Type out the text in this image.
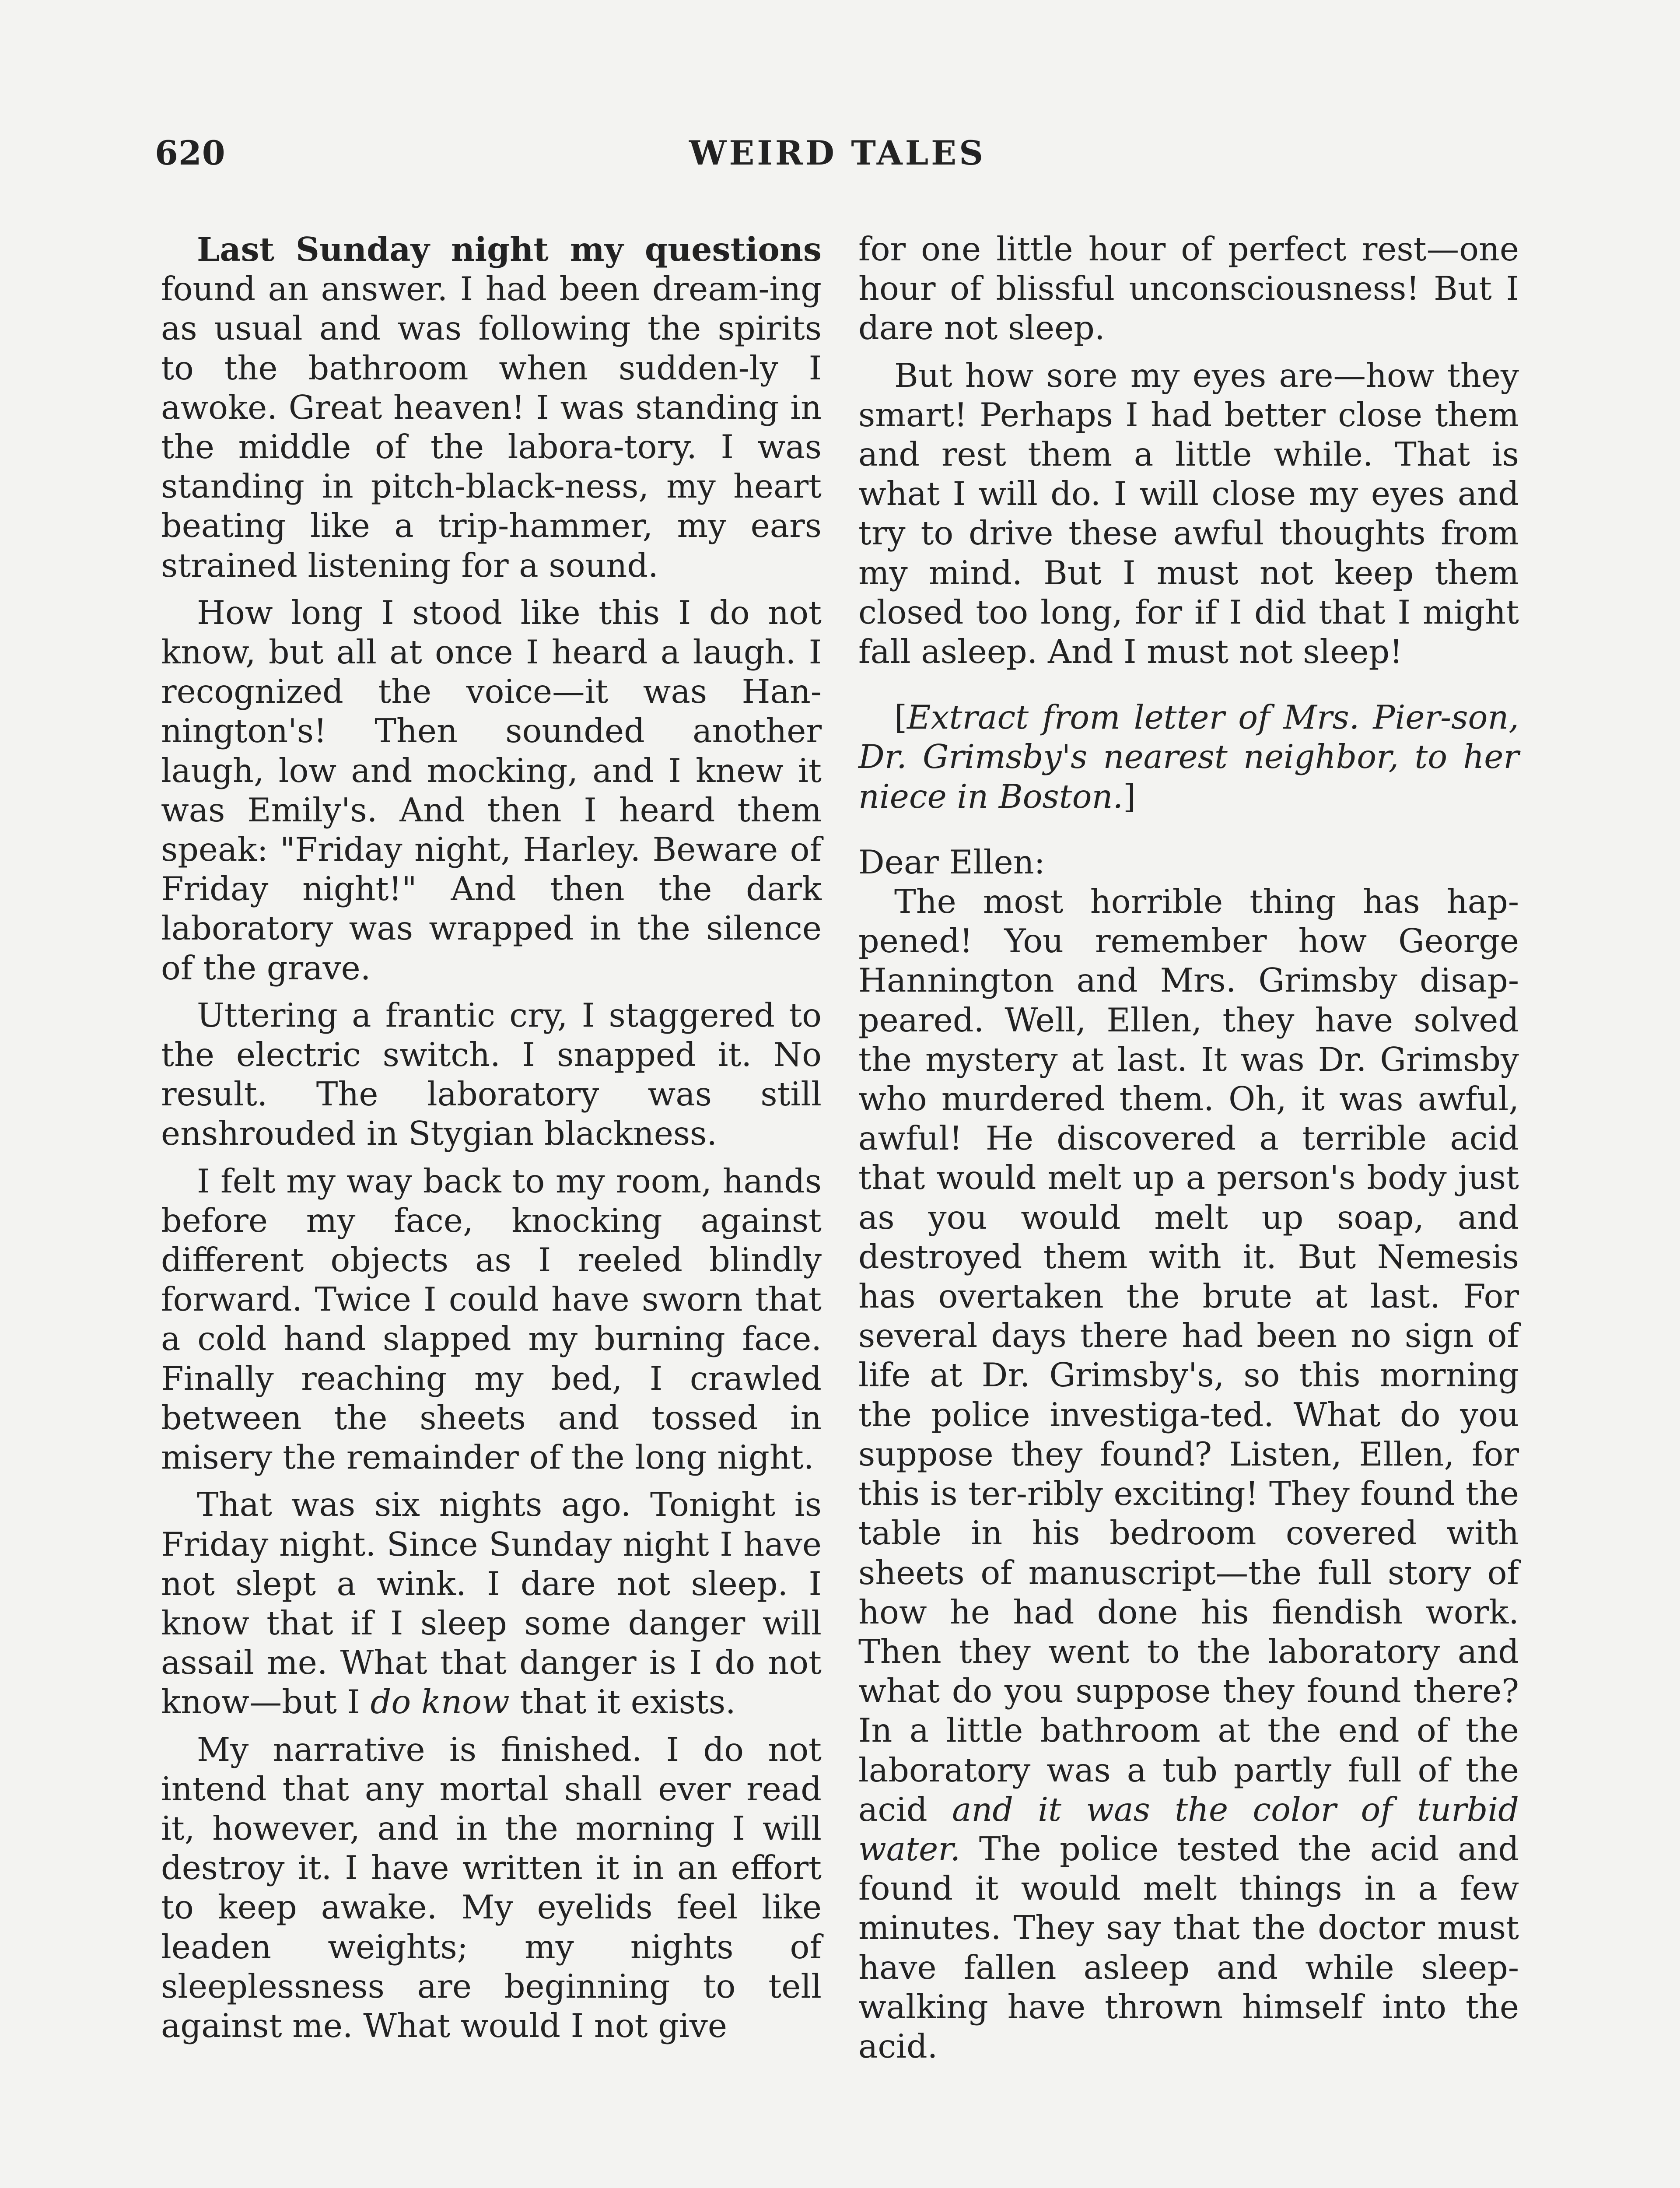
620	WEIRD TALES

Last Sunday night my questions found an answer. I had been dream-ing as usual and was following the spirits to the bathroom when sudden-ly I awoke. Great heaven! I was standing in the middle of the labora-tory. I was standing in pitch-black-ness, my heart beating like a trip-hammer, my ears strained listening for a sound.

How long I stood like this I do not know, but all at once I heard a laugh. I recognized the voice—it was Han-nington's! Then sounded another laugh, low and mocking, and I knew it was Emily's. And then I heard them speak: "Friday night, Harley. Beware of Friday night!" And then the dark laboratory was wrapped in the silence of the grave.

Uttering a frantic cry, I staggered to the electric switch. I snapped it. No result. The laboratory was still enshrouded in Stygian blackness.

I felt my way back to my room, hands before my face, knocking against different objects as I reeled blindly forward. Twice I could have sworn that a cold hand slapped my burning face. Finally reaching my bed, I crawled between the sheets and tossed in misery the remainder of the long night.

That was six nights ago. Tonight is Friday night. Since Sunday night I have not slept a wink. I dare not sleep. I know that if I sleep some danger will assail me. What that danger is I do not know—but I do know that it exists.

My narrative is finished. I do not intend that any mortal shall ever read it, however, and in the morning I will destroy it. I have written it in an effort to keep awake. My eyelids feel like leaden weights; my nights of sleeplessness are beginning to tell against me. What would I not give

for one little hour of perfect rest—one hour of blissful unconsciousness! But I dare not sleep.

But how sore my eyes are—how they smart! Perhaps I had better close them and rest them a little while. That is what I will do. I will close my eyes and try to drive these awful thoughts from my mind. But I must not keep them closed too long, for if I did that I might fall asleep. And I must not sleep!

[Extract from letter of Mrs. Pier-son, Dr. Grimsby's nearest neighbor, to her niece in Boston.]

Dear Ellen:

The most horrible thing has hap-pened! You remember how George Hannington and Mrs. Grimsby disap-peared. Well, Ellen, they have solved the mystery at last. It was Dr. Grimsby who murdered them. Oh, it was awful, awful! He discovered a terrible acid that would melt up a person's body just as you would melt up soap, and destroyed them with it. But Nemesis has overtaken the brute at last. For several days there had been no sign of life at Dr. Grimsby's, so this morning the police investiga-ted. What do you suppose they found? Listen, Ellen, for this is ter-ribly exciting! They found the table in his bedroom covered with sheets of manuscript—the full story of how he had done his fiendish work. Then they went to the laboratory and what do you suppose they found there? In a little bathroom at the end of the laboratory was a tub partly full of the acid and it was the color of turbid water. The police tested the acid and found it would melt things in a few minutes. They say that the doctor must have fallen asleep and while sleep-walking have thrown himself into the acid.
